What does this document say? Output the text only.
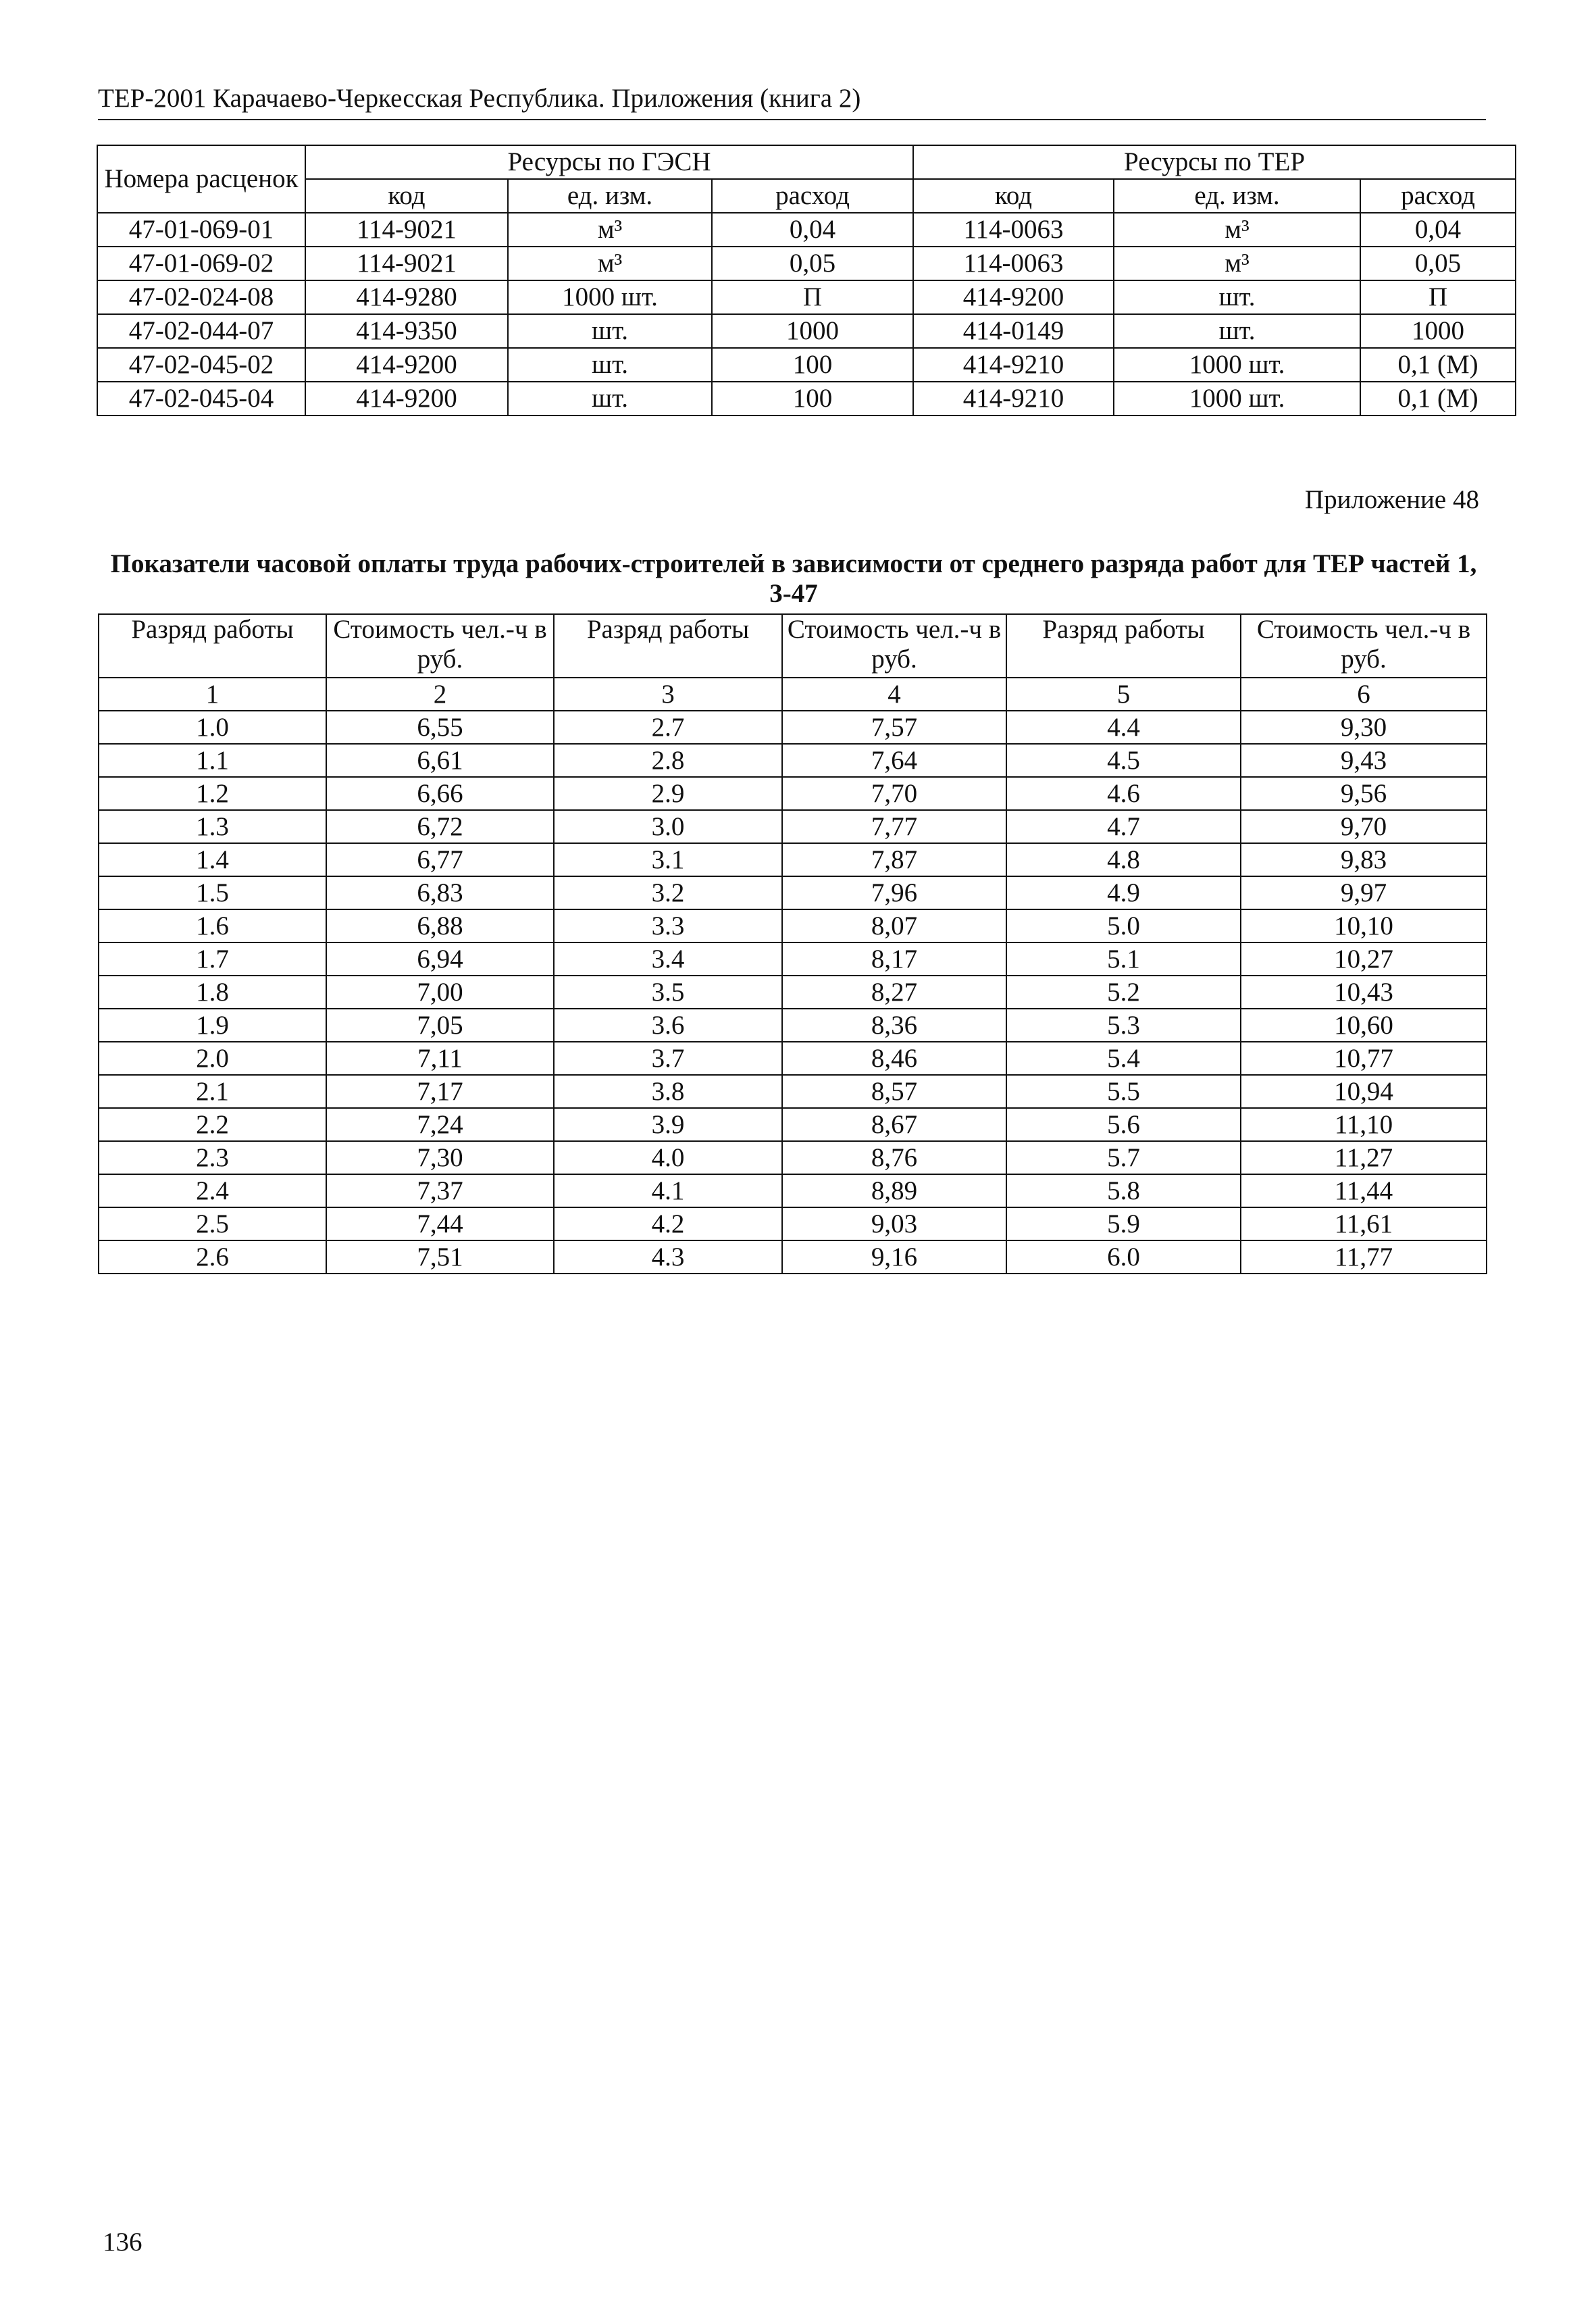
ТЕР-2001 Карачаево-Черкесская Республика. Приложения (книга 2)
Номера расценок	Ресурсы по ГЭСН			Ресурсы по ТЕР		
	код	ед. изм.	расход	код	ед. изм.	расход
47-01-069-01	114-9021	м³	0,04	114-0063	м³	0,04
47-01-069-02	114-9021	м³	0,05	114-0063	м³	0,05
47-02-024-08	414-9280	1000 шт.	П	414-9200	шт.	П
47-02-044-07	414-9350	шт.	1000	414-0149	шт.	1000
47-02-045-02	414-9200	шт.	100	414-9210	1000 шт.	0,1 (М)
47-02-045-04	414-9200	шт.	100	414-9210	1000 шт.	0,1 (М)
Приложение 48
Показатели часовой оплаты труда рабочих-строителей в зависимости от среднего разряда работ для ТЕР частей 1, 3-47
Разряд работы	Стоимость чел.-ч в руб.	Разряд работы	Стоимость чел.-ч в руб.	Разряд работы	Стоимость чел.-ч в руб.
1	2	3	4	5	6
1.0	6,55	2.7	7,57	4.4	9,30
1.1	6,61	2.8	7,64	4.5	9,43
1.2	6,66	2.9	7,70	4.6	9,56
1.3	6,72	3.0	7,77	4.7	9,70
1.4	6,77	3.1	7,87	4.8	9,83
1.5	6,83	3.2	7,96	4.9	9,97
1.6	6,88	3.3	8,07	5.0	10,10
1.7	6,94	3.4	8,17	5.1	10,27
1.8	7,00	3.5	8,27	5.2	10,43
1.9	7,05	3.6	8,36	5.3	10,60
2.0	7,11	3.7	8,46	5.4	10,77
2.1	7,17	3.8	8,57	5.5	10,94
2.2	7,24	3.9	8,67	5.6	11,10
2.3	7,30	4.0	8,76	5.7	11,27
2.4	7,37	4.1	8,89	5.8	11,44
2.5	7,44	4.2	9,03	5.9	11,61
2.6	7,51	4.3	9,16	6.0	11,77
136
